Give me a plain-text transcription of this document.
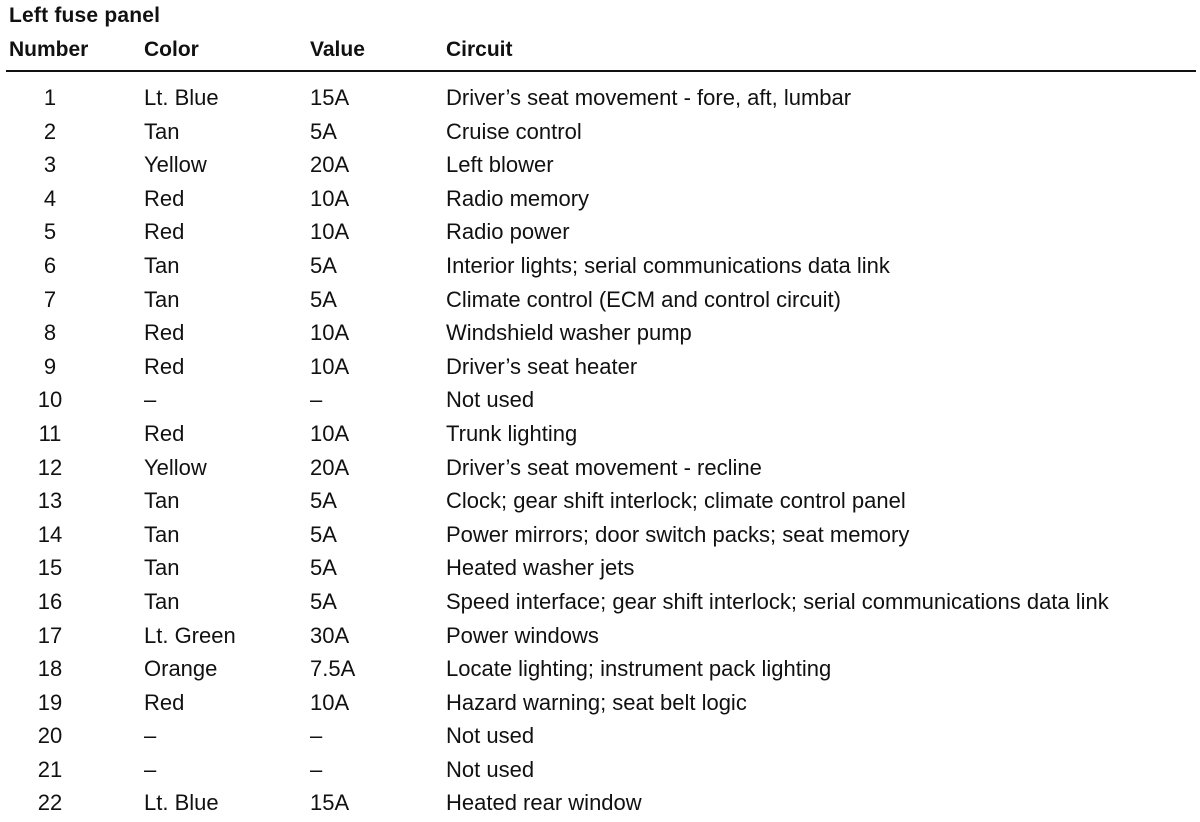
Left fuse panel
Number	Color	Value	Circuit
1	Lt. Blue	15A	Driver’s seat movement - fore, aft, lumbar
2	Tan	5A	Cruise control
3	Yellow	20A	Left blower
4	Red	10A	Radio memory
5	Red	10A	Radio power
6	Tan	5A	Interior lights; serial communications data link
7	Tan	5A	Climate control (ECM and control circuit)
8	Red	10A	Windshield washer pump
9	Red	10A	Driver’s seat heater
10	–	–	Not used
11	Red	10A	Trunk lighting
12	Yellow	20A	Driver’s seat movement - recline
13	Tan	5A	Clock; gear shift interlock; climate control panel
14	Tan	5A	Power mirrors; door switch packs; seat memory
15	Tan	5A	Heated washer jets
16	Tan	5A	Speed interface; gear shift interlock; serial communications data link
17	Lt. Green	30A	Power windows
18	Orange	7.5A	Locate lighting; instrument pack lighting
19	Red	10A	Hazard warning; seat belt logic
20	–	–	Not used
21	–	–	Not used
22	Lt. Blue	15A	Heated rear window
